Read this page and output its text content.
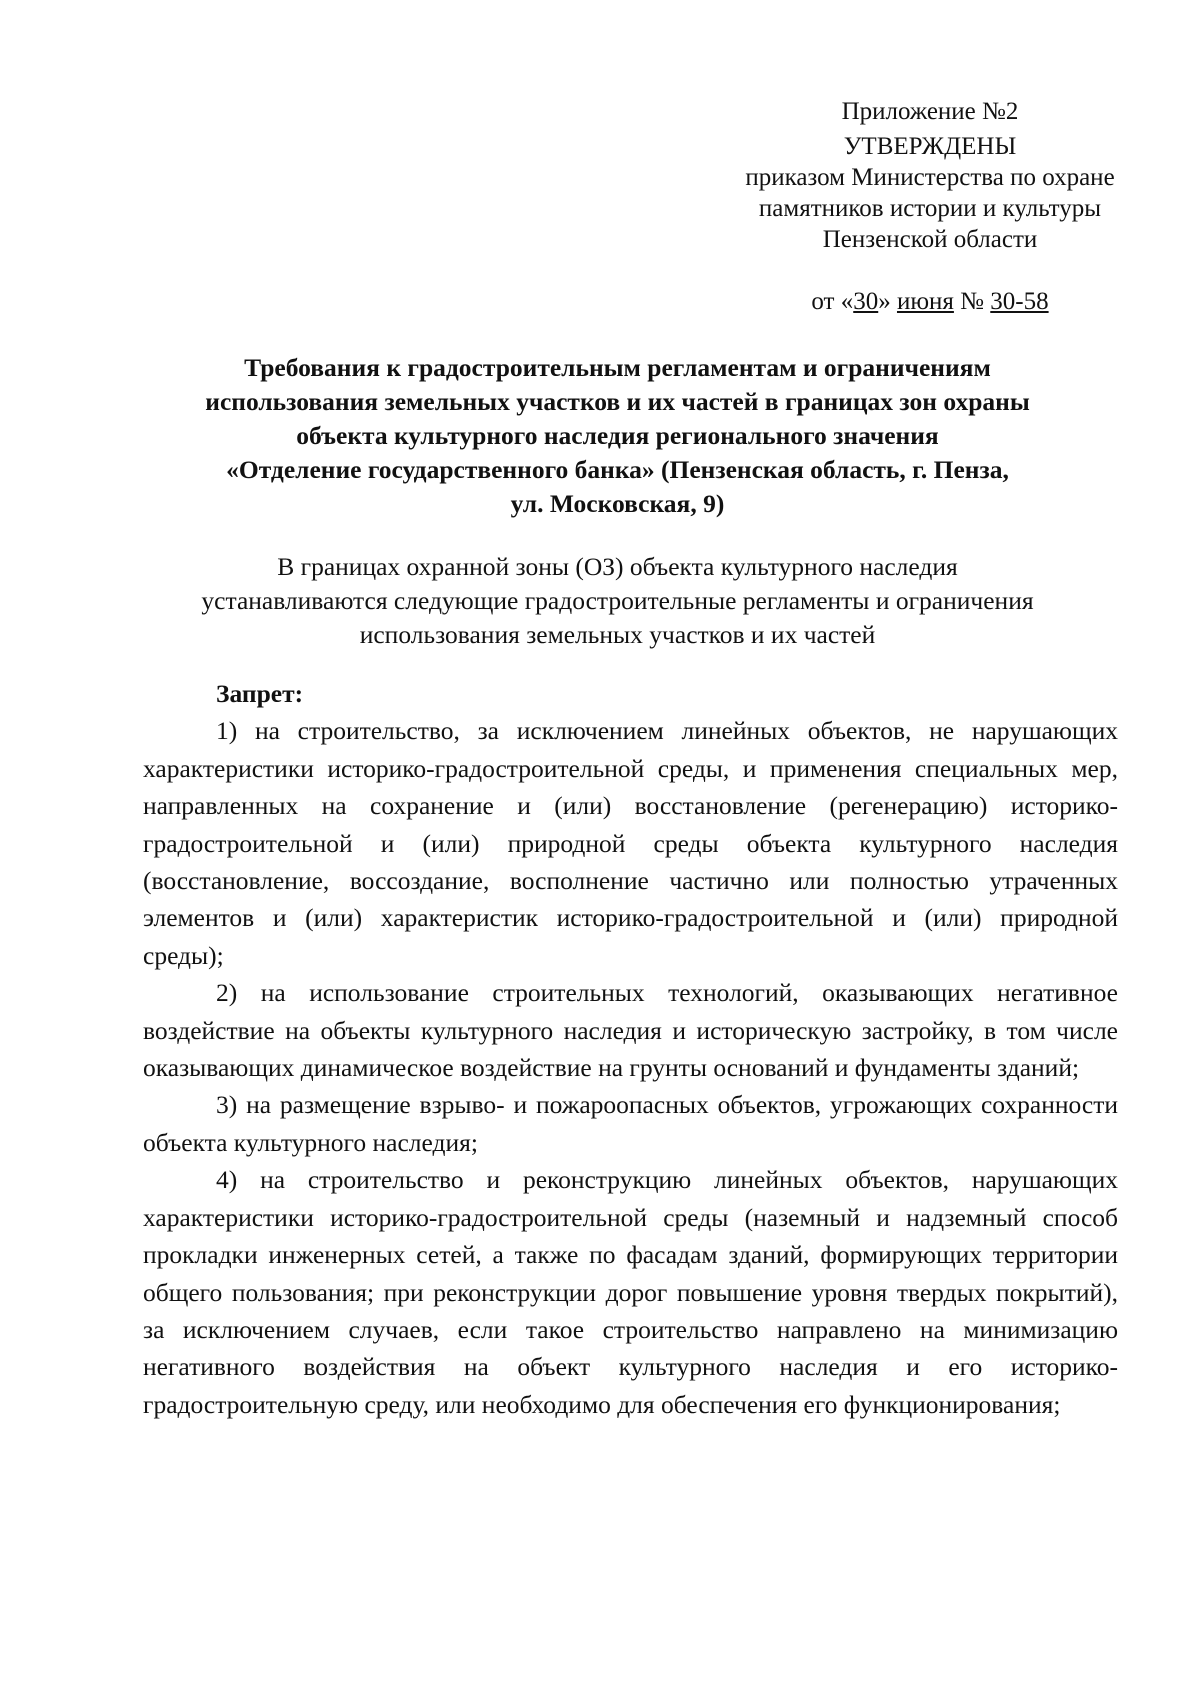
Приложение №2
УТВЕРЖДЕНЫ
приказом Министерства по охране
памятников истории и культуры
Пензенской области
от «30» июня № 30-58
Требования к градостроительным регламентам и ограничениям
использования земельных участков и их частей в границах зон охраны
объекта культурного наследия регионального значения
«Отделение государственного банка» (Пензенская область, г. Пенза,
ул. Московская, 9)
В границах охранной зоны (ОЗ) объекта культурного наследия
устанавливаются следующие градостроительные регламенты и ограничения
использования земельных участков и их частей

Запрет:

1) на строительство, за исключением линейных объектов, не нарушающих характеристики историко-градостроительной среды, и применения специальных мер, направленных на сохранение и (или) восстановление (регенерацию) историко-градостроительной и (или) природной среды объекта культурного наследия (восстановление, воссоздание, восполнение частично или полностью утраченных элементов и (или) характеристик историко-градостроительной и (или) природной среды);

2) на использование строительных технологий, оказывающих негативное воздействие на объекты культурного наследия и историческую застройку, в том числе оказывающих динамическое воздействие на грунты оснований и фундаменты зданий;

3) на размещение взрыво- и пожароопасных объектов, угрожающих сохранности объекта культурного наследия;

4) на строительство и реконструкцию линейных объектов, нарушающих характеристики историко-градостроительной среды (наземный и надземный способ прокладки инженерных сетей, а также по фасадам зданий, формирующих территории общего пользования; при реконструкции дорог повышение уровня твердых покрытий), за исключением случаев, если такое строительство направлено на минимизацию негативного воздействия на объект культурного наследия и его историко-градостроительную среду, или необходимо для обеспечения его функционирования;
